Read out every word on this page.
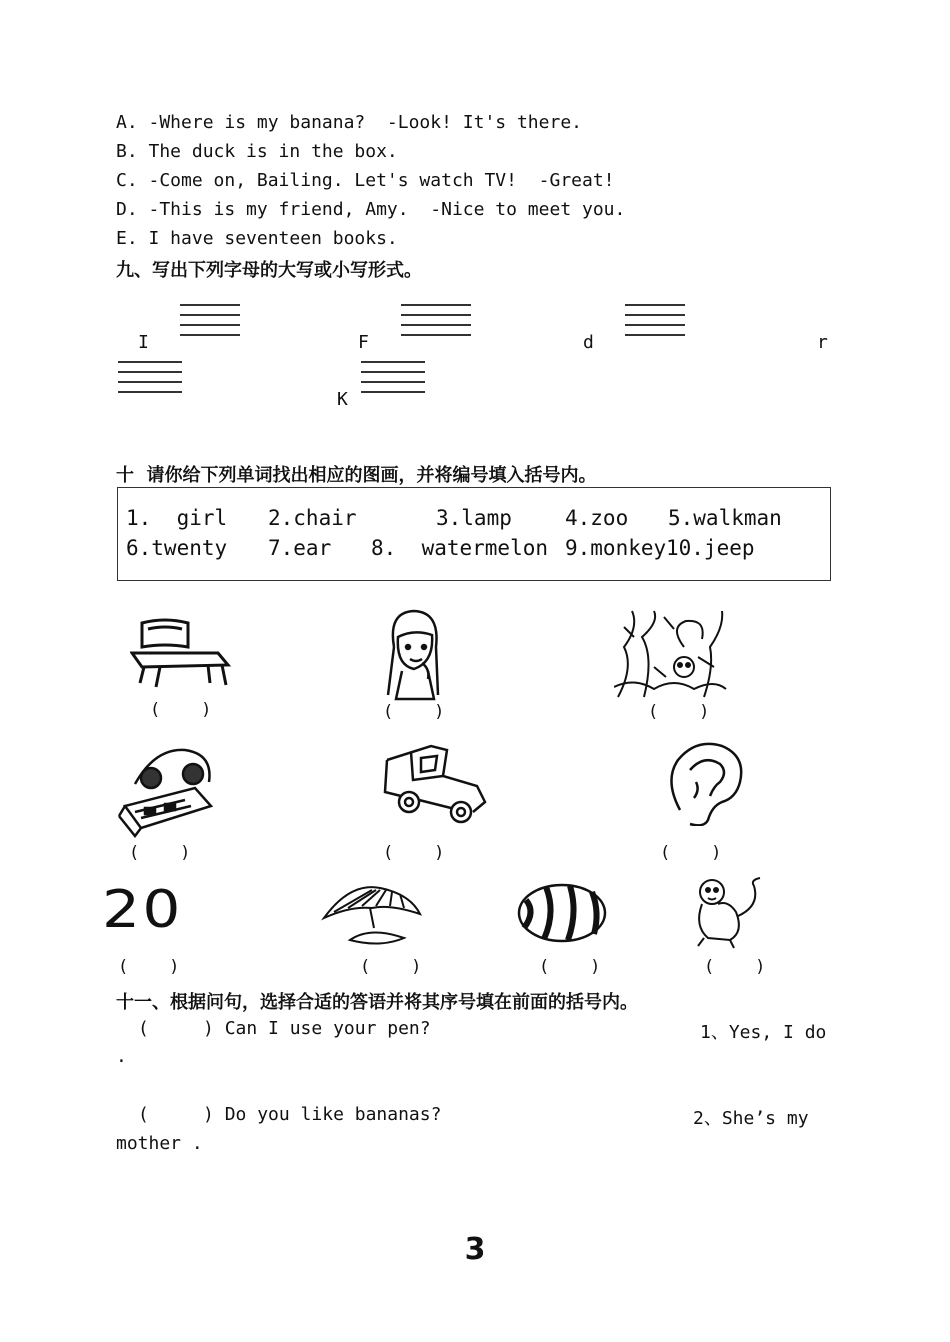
A. -Where is my banana?  -Look! It's there.
B. The duck is in the box.
C. -Come on, Bailing. Let's watch TV!  -Great!
D. -This is my friend, Amy.  -Nice to meet you.
E. I have seventeen books.
九、写出下列字母的大写或小写形式。
I	F	d	r
K
十  请你给下列单词找出相应的图画，并将编号填入括号内。
1.  girl 2.chair	3.lamp	4.zoo 5.walkman
6.twenty 7.ear 8.  watermelon 9.monkey 10.jeep
(    )	(    )	(    )
(    )	(    )	(    )
20
(    )	(    )	(    )	(    )
十一、根据问句，选择合适的答语并将其序号填在前面的括号内。
(     ) Can I use your pen?	1、Yes, I do
.
(     ) Do you like bananas?	2、She’s my
mother .
3
